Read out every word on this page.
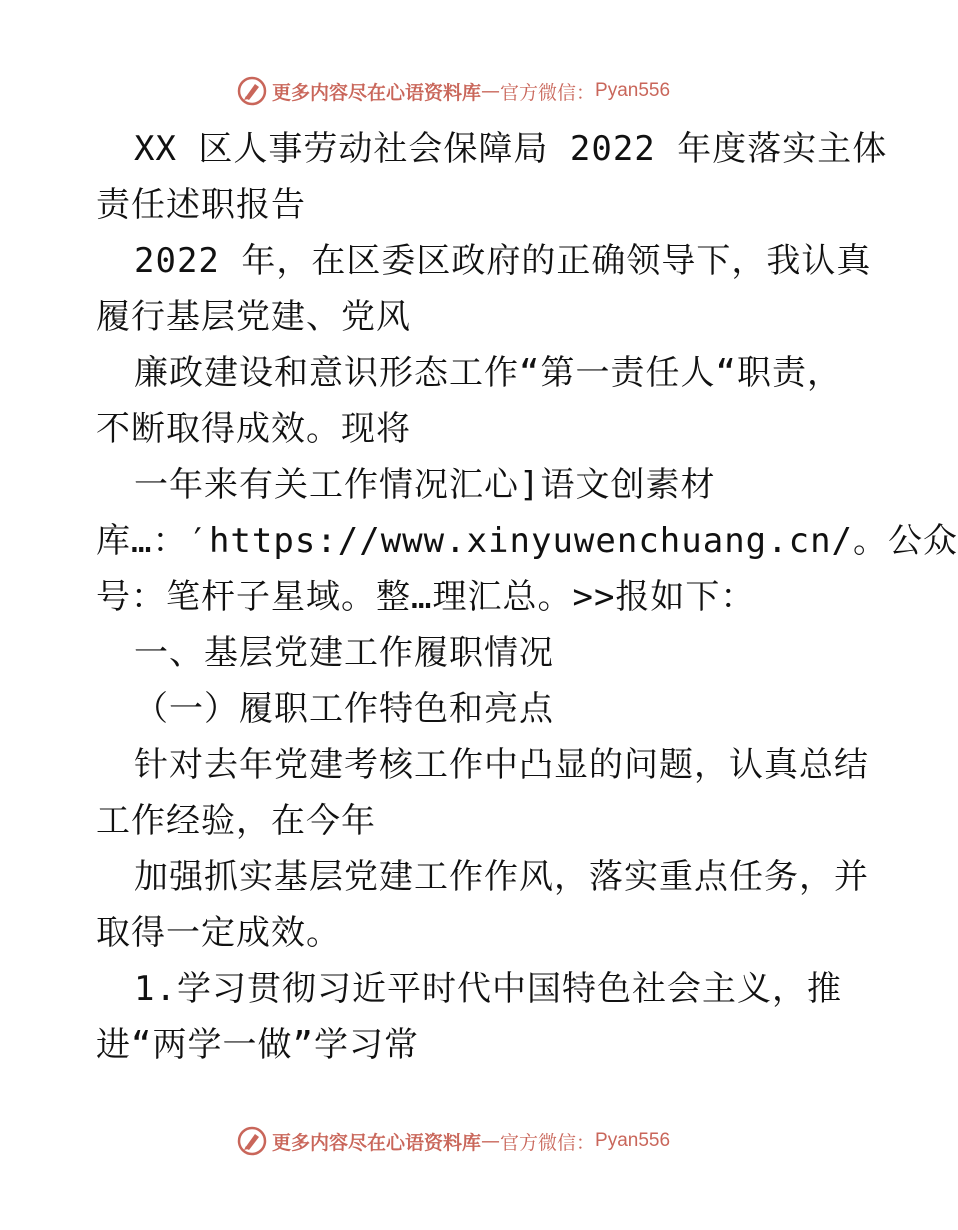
更多内容尽在心语资料库 — 官方微信： Pyan556
XX 区人事劳动社会保障局 2022 年度落实主体
责任述职报告
2022 年，在区委区政府的正确领导下，我认真
履行基层党建、党风
廉政建设和意识形态工作“第一责任人“职责，
不断取得成效。现将
一年来有关工作情况汇心]语文创素材
库…：′https://www.xinyuwenchuang.cn/。公众
号：笔杆子星域。整…理汇总。>>报如下：
一、基层党建工作履职情况
（一）履职工作特色和亮点
针对去年党建考核工作中凸显的问题，认真总结
工作经验，在今年
加强抓实基层党建工作作风，落实重点任务，并
取得一定成效。
1.学习贯彻习近平时代中国特色社会主义，推
进“两学一做”学习常
更多内容尽在心语资料库 — 官方微信： Pyan556
